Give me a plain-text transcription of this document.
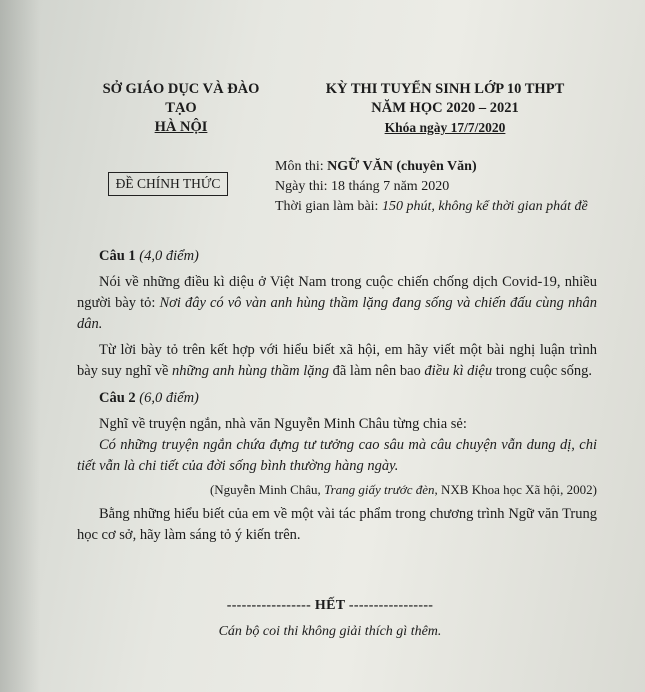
SỞ GIÁO DỤC VÀ ĐÀO TẠO
HÀ NỘI
KỲ THI TUYỂN SINH LỚP 10 THPT
NĂM HỌC 2020 – 2021
Khóa ngày 17/7/2020
ĐỀ CHÍNH THỨC
Môn thi: NGỮ VĂN (chuyên Văn)
Ngày thi: 18 tháng 7 năm 2020
Thời gian làm bài: 150 phút, không kể thời gian phát đề

Câu 1 (4,0 điểm)

Nói về những điều kì diệu ở Việt Nam trong cuộc chiến chống dịch Covid-19, nhiều người bày tỏ: Nơi đây có vô vàn anh hùng thầm lặng đang sống và chiến đấu cùng nhân dân.

Từ lời bày tỏ trên kết hợp với hiểu biết xã hội, em hãy viết một bài nghị luận trình bày suy nghĩ về những anh hùng thầm lặng đã làm nên bao điều kì diệu trong cuộc sống.

Câu 2 (6,0 điểm)

Nghĩ về truyện ngắn, nhà văn Nguyễn Minh Châu từng chia sẻ:

Có những truyện ngắn chứa đựng tư tưởng cao sâu mà câu chuyện vẫn dung dị, chi tiết vẫn là chi tiết của đời sống bình thường hàng ngày.

(Nguyễn Minh Châu, Trang giấy trước đèn, NXB Khoa học Xã hội, 2002)

Bằng những hiểu biết của em về một vài tác phẩm trong chương trình Ngữ văn Trung học cơ sở, hãy làm sáng tỏ ý kiến trên.

----------------- HẾT -----------------
Cán bộ coi thi không giải thích gì thêm.
